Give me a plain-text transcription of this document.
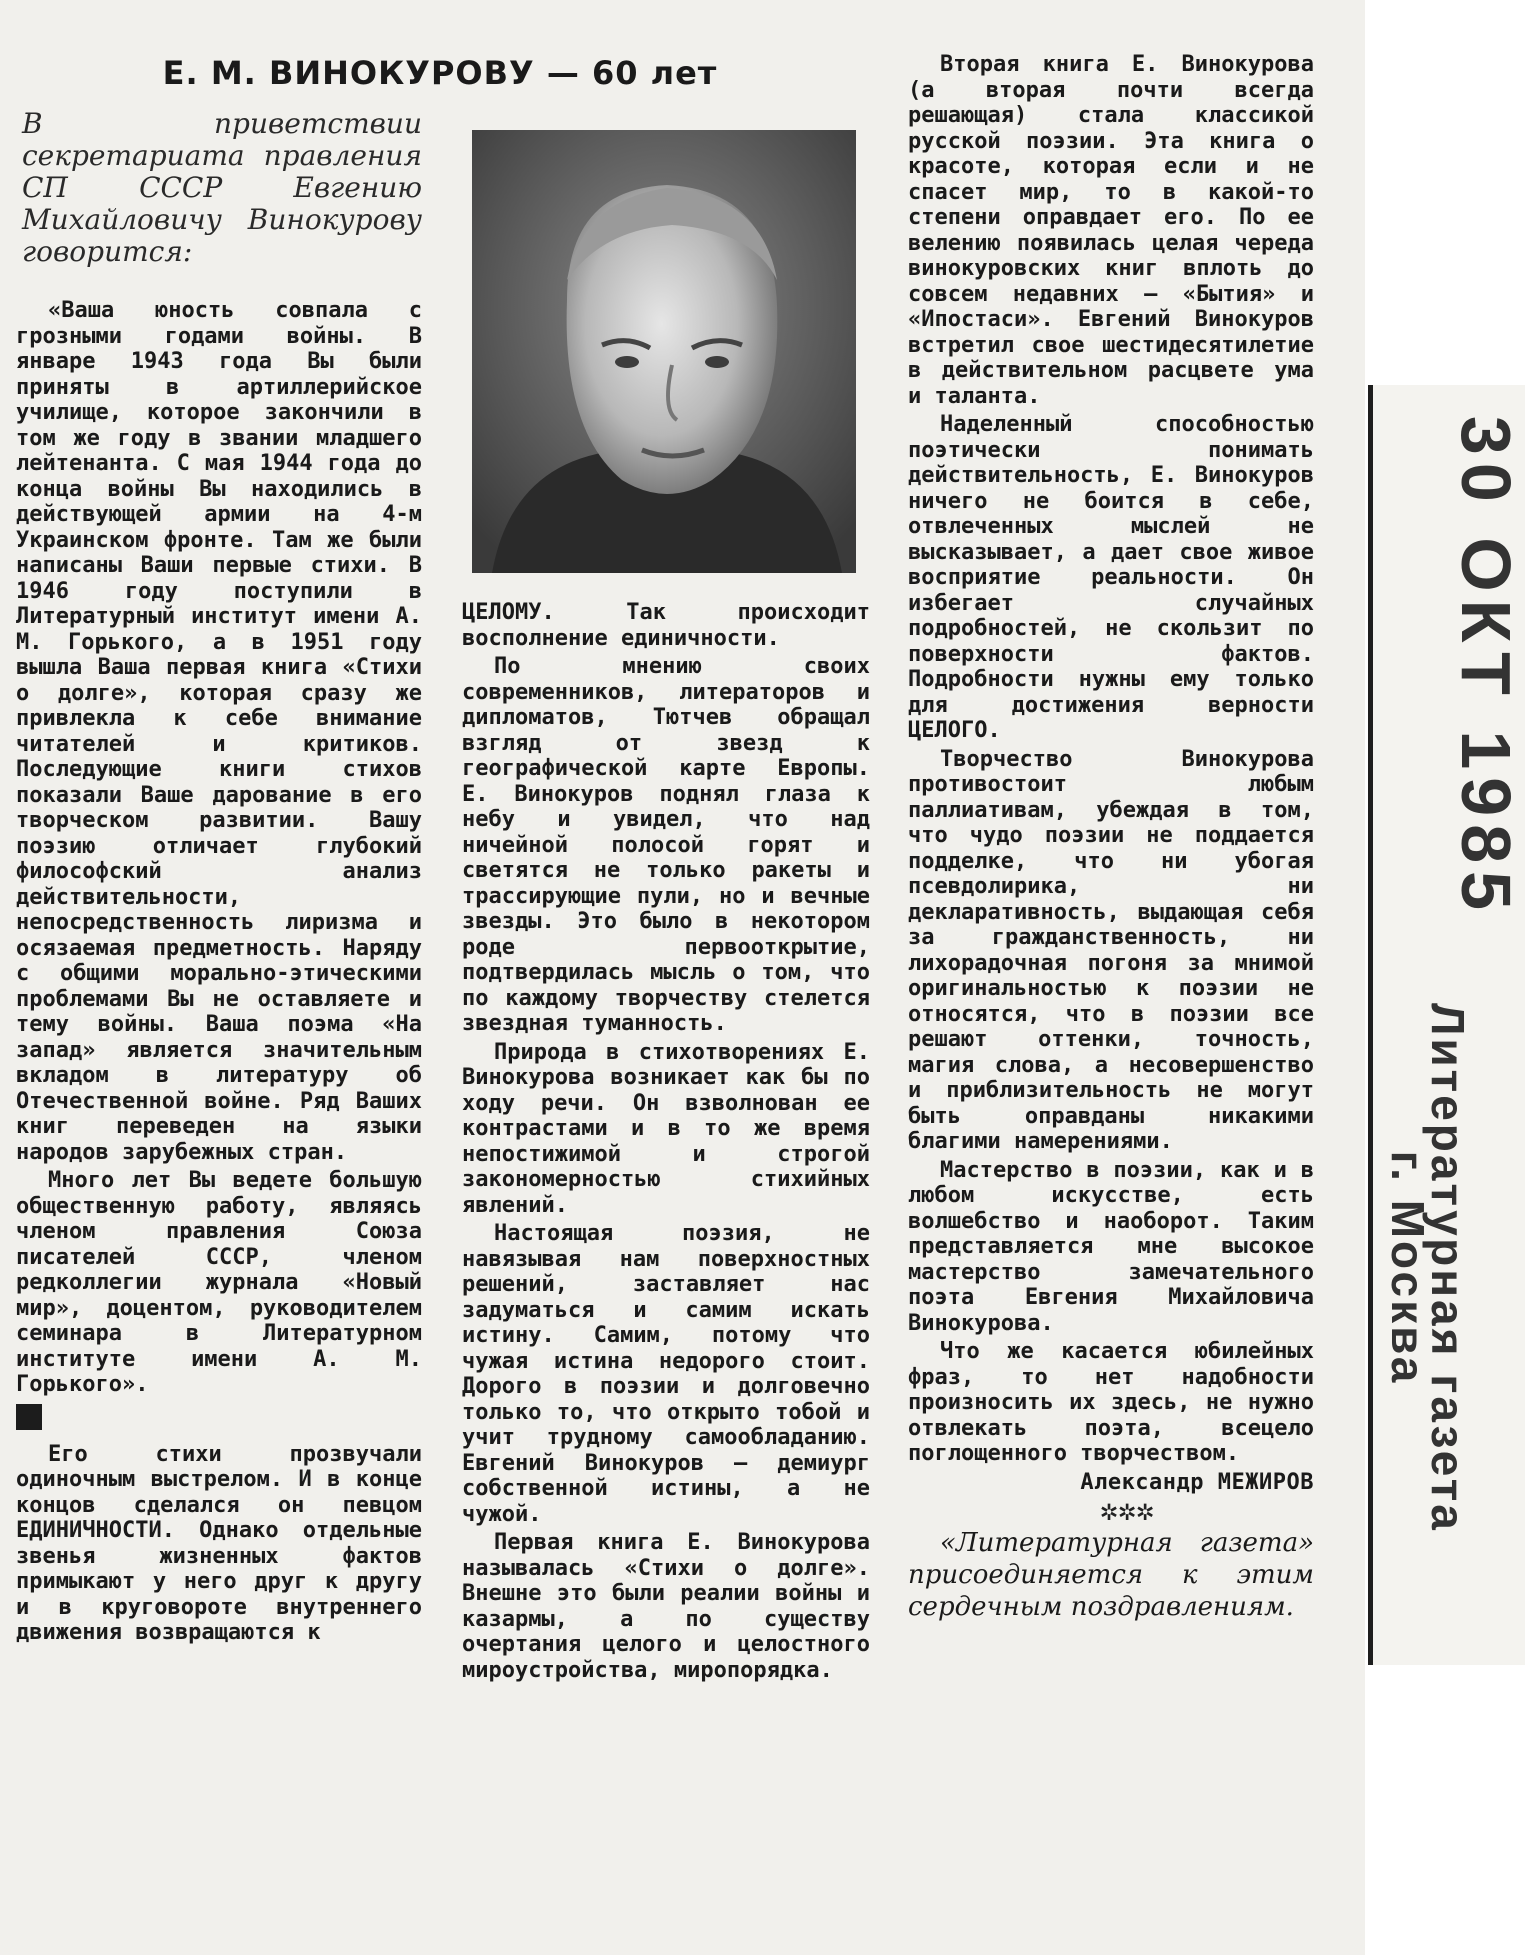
Е. М. ВИНОКУРОВУ — 60 лет

В приветствии секретариата правления СП СССР Евгению Михайловичу Винокурову говорится:

«Ваша юность совпала с грозными годами войны. В январе 1943 года Вы были приняты в артиллерийское училище, которое закончили в том же году в звании младшего лейтенанта. С мая 1944 года до конца войны Вы находились в действующей армии на 4-м Украинском фронте. Там же были написаны Ваши первые стихи. В 1946 году поступили в Литературный институт имени А. М. Горького, а в 1951 году вышла Ваша первая книга «Стихи о долге», которая сразу же привлекла к себе внимание читателей и критиков. Последующие книги стихов показали Ваше дарование в его творческом развитии. Вашу поэзию отличает глубокий философский анализ действительности, непосредственность лиризма и осязаемая предметность. Наряду с общими морально-этическими проблемами Вы не оставляете и тему войны. Ваша поэма «На запад» является значительным вкладом в литературу об Отечественной войне. Ряд Ваших книг переведен на языки народов зарубежных стран.

Много лет Вы ведете большую общественную работу, являясь членом правления Союза писателей СССР, членом редколлегии журнала «Новый мир», доцентом, руководителем семинара в Литературном институте имени А. М. Горького».

Его стихи прозвучали одиночным выстрелом. И в конце концов сделался он певцом ЕДИНИЧНОСТИ. Однако отдельные звенья жизненных фактов примыкают у него друг к другу и в круговороте внутреннего движения возвращаются к

ЦЕЛОМУ. Так происходит восполнение единичности.

По мнению своих современников, литераторов и дипломатов, Тютчев обращал взгляд от звезд к географической карте Европы. Е. Винокуров поднял глаза к небу и увидел, что над ничейной полосой горят и светятся не только ракеты и трассирующие пули, но и вечные звезды. Это было в некотором роде первооткрытие, подтвердилась мысль о том, что по каждому творчеству стелется звездная туманность.

Природа в стихотворениях Е. Винокурова возникает как бы по ходу речи. Он взволнован ее контрастами и в то же время непостижимой и строгой закономерностью стихийных явлений.

Настоящая поэзия, не навязывая нам поверхностных решений, заставляет нас задуматься и самим искать истину. Самим, потому что чужая истина недорого стоит. Дорого в поэзии и долговечно только то, что открыто тобой и учит трудному самообладанию. Евгений Винокуров — демиург собственной истины, а не чужой.

Первая книга Е. Винокурова называлась «Стихи о долге». Внешне это были реалии войны и казармы, а по существу очертания целого и целостного мироустройства, миропорядка.

Вторая книга Е. Винокурова (а вторая почти всегда решающая) стала классикой русской поэзии. Эта книга о красоте, которая если и не спасет мир, то в какой-то степени оправдает его. По ее велению появилась целая череда винокуровских книг вплоть до совсем недавних — «Бытия» и «Ипостаси». Евгений Винокуров встретил свое шестидесятилетие в действительном расцвете ума и таланта.

Наделенный способностью поэтически понимать действительность, Е. Винокуров ничего не боится в себе, отвлеченных мыслей не высказывает, а дает свое живое восприятие реальности. Он избегает случайных подробностей, не скользит по поверхности фактов. Подробности нужны ему только для достижения верности ЦЕЛОГО.

Творчество Винокурова противостоит любым паллиативам, убеждая в том, что чудо поэзии не поддается подделке, что ни убогая псевдолирика, ни декларативность, выдающая себя за гражданственность, ни лихорадочная погоня за мнимой оригинальностью к поэзии не относятся, что в поэзии все решают оттенки, точность, магия слова, а несовершенство и приблизительность не могут быть оправданы никакими благими намерениями.

Мастерство в поэзии, как и в любом искусстве, есть волшебство и наоборот. Таким представляется мне высокое мастерство замечательного поэта Евгения Михайловича Винокурова.

Что же касается юбилейных фраз, то нет надобности произносить их здесь, не нужно отвлекать поэта, всецело поглощенного творчеством.

Александр МЕЖИРОВ

✲✲✲

«Литературная газета» присоединяется к этим сердечным поздравлениям.

30 ОКТ 1985
Литературная газета
г. Москва
